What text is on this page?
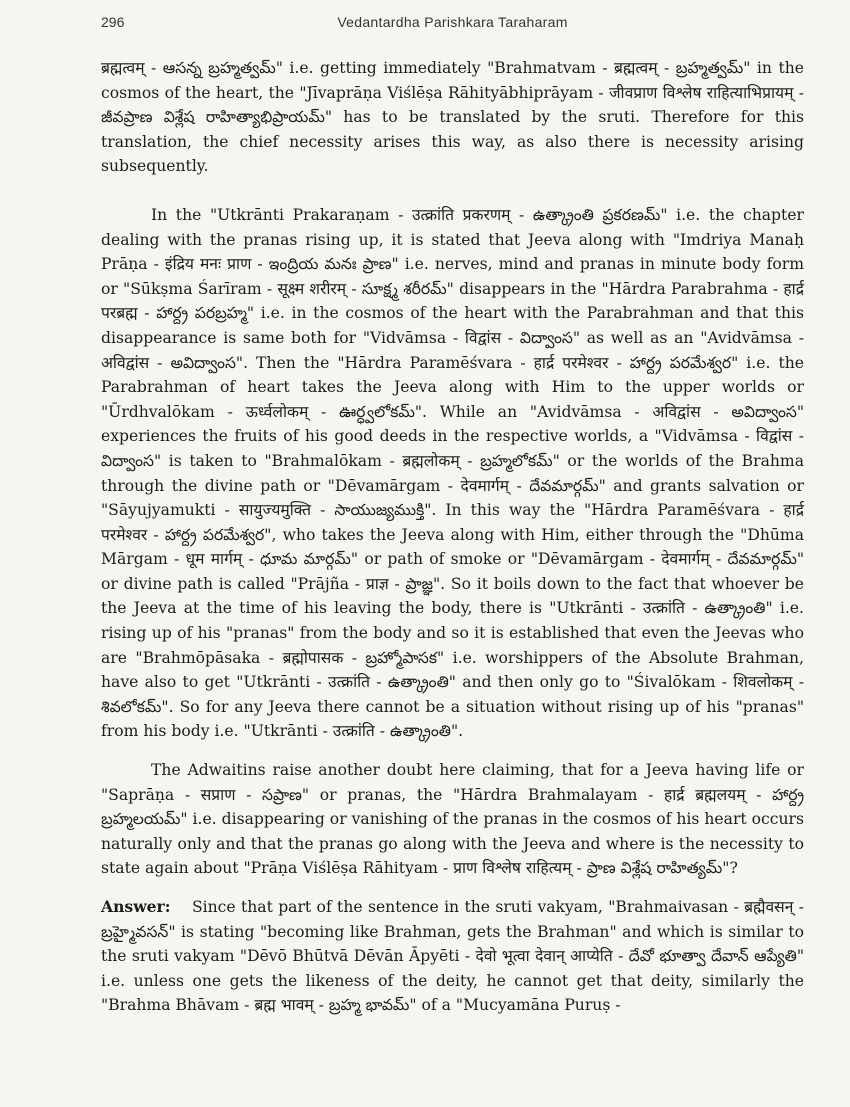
296	Vedantardha Parishkara Taraharam

ब्रह्मत्वम् - ఆసన్న బ్రహ్మత్వమ్" i.e. getting immediately "Brahmatvam - ब्रह्मत्वम् - బ్రహ్మత్వమ్" in the cosmos of the heart, the "Jīvaprāṇa Viślēṣa Rāhityābhiprāyam - जीवप्राण विश्लेष राहित्याभिप्रायम् - జీవప్రాణ విశ్లేష రాహిత్యాభిప్రాయమ్" has to be translated by the sruti. Therefore for this translation, the chief necessity arises this way, as also there is necessity arising subsequently.

In the "Utkrānti Prakaraṇam - उत्क्रांति प्रकरणम् - ఉత్క్రాంతి ప్రకరణమ్" i.e. the chapter dealing with the pranas rising up, it is stated that Jeeva along with "Imdriya Manaḥ Prāṇa - इंद्रिय मनः प्राण - ఇంద్రియ మనః ప్రాణ" i.e. nerves, mind and pranas in minute body form or "Sūkṣma Śarīram - सूक्ष्म शरीरम् - సూక్ష్మ శరీరమ్" disappears in the "Hārdra Parabrahma - हार्द्र परब्रह्म - హార్ద్ర పరబ్రహ్మ" i.e. in the cosmos of the heart with the Parabrahman and that this disappearance is same both for "Vidvāmsa - विद्वांस - విద్వాంస" as well as an "Avidvāmsa - अविद्वांस - అవిద్వాంస". Then the "Hārdra Paramēśvara - हार्द्र परमेश्वर - హార్ద్ర పరమేశ్వర" i.e. the Parabrahman of heart takes the Jeeva along with Him to the upper worlds or "Ūrdhvalōkam - ऊर्ध्वलोकम् - ఊర్ధ్వలోకమ్". While an "Avidvāmsa - अविद्वांस - అవిద్వాంస" experiences the fruits of his good deeds in the respective worlds, a "Vidvāmsa - विद्वांस - విద్వాంస" is taken to "Brahmalōkam - ब्रह्मलोकम् - బ్రహ్మలోకమ్" or the worlds of the Brahma through the divine path or "Dēvamārgam - देवमार्गम् - దేవమార్గమ్" and grants salvation or "Sāyujyamukti - सायुज्यमुक्ति - సాయుజ్యముక్తి". In this way the "Hārdra Paramēśvara - हार्द्र परमेश्वर - హార్ద్ర పరమేశ్వర", who takes the Jeeva along with Him, either through the "Dhūma Mārgam - धूम मार्गम् - ధూమ మార్గమ్" or path of smoke or "Dēvamārgam - देवमार्गम् - దేవమార్గమ్" or divine path is called "Prājña - प्राज्ञ - ప్రాజ్ఞ". So it boils down to the fact that whoever be the Jeeva at the time of his leaving the body, there is "Utkrānti - उत्क्रांति - ఉత్క్రాంతి" i.e. rising up of his "pranas" from the body and so it is established that even the Jeevas who are "Brahmōpāsaka - ब्रह्मोपासक - బ్రహ్మోపాసక" i.e. worshippers of the Absolute Brahman, have also to get "Utkrānti - उत्क्रांति - ఉత్క్రాంతి" and then only go to "Śivalōkam - शिवलोकम् - శివలోకమ్". So for any Jeeva there cannot be a situation without rising up of his "pranas" from his body i.e. "Utkrānti - उत्क्रांति - ఉత్క్రాంతి".

The Adwaitins raise another doubt here claiming, that for a Jeeva having life or "Saprāṇa - सप्राण - సప్రాణ" or pranas, the "Hārdra Brahmalayam - हार्द्र ब्रह्मलयम् - హార్ద్ర బ్రహ్మలయమ్" i.e. disappearing or vanishing of the pranas in the cosmos of his heart occurs naturally only and that the pranas go along with the Jeeva and where is the necessity to state again about "Prāṇa Viślēṣa Rāhityam - प्राण विश्लेष राहित्यम् - ప్రాణ విశ్లేష రాహిత్యమ్"?

Answer: Since that part of the sentence in the sruti vakyam, "Brahmaivasan - ब्रह्मैवसन् - బ్రహ్మైవసన్" is stating "becoming like Brahman, gets the Brahman" and which is similar to the sruti vakyam "Dēvō Bhūtvā Dēvān Āpyēti - देवो भूत्वा देवान् आप्येति - దేవో భూత్వా దేవాన్ ఆప్యేతి" i.e. unless one gets the likeness of the deity, he cannot get that deity, similarly the "Brahma Bhāvam - ब्रह्म भावम् - బ్రహ్మ భావమ్" of a "Mucyamāna Puruṣ -
